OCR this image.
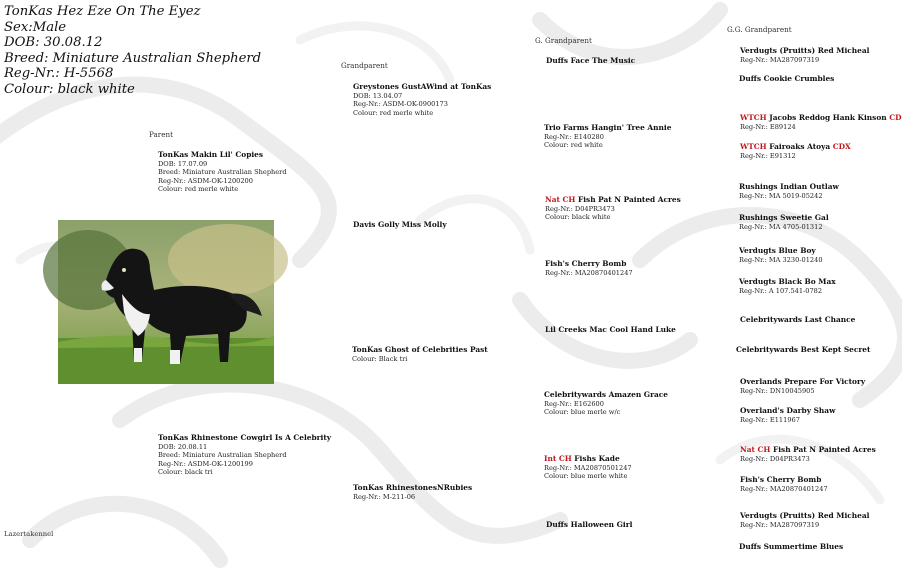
TonKas Hez Eze On The Eyez
Sex:Male
DOB: 30.08.12
Breed: Miniature Australian Shepherd
Reg-Nr.: H-5568
Colour: black white
Parent
Grandparent
G. Grandparent
G.G. Grandparent
TonKas Makin Lil' Copies
DOB: 17.07.09
Breed: Miniature Australian Shepherd
Reg-Nr.: ASDM-OK-1200200
Colour: red merle white
TonKas Rhinestone Cowgirl Is A Celebrity
DOB: 20.08.11
Breed: Miniature Australian Shepherd
Reg-Nr.: ASDM-OK-1200199
Colour: black tri
Greystones GustAWind at TonKas
DOB: 13.04.07
Reg-Nr.: ASDM-OK-0900173
Colour: red merle white
Davis Golly Miss Molly
TonKas Ghost of Celebrities Past
Colour: Black tri
TonKas RhinestonesNRubies
Reg-Nr.: M-211-06
Duffs Face The Music
Trio Farms Hangin' Tree Annie
Reg-Nr.: E140280
Colour: red white
Nat CH Fish Pat N Painted Acres
Reg-Nr.: D04PR3473
Colour: black white
Fish's Cherry Bomb
Reg-Nr.: MA20870401247
Lil Creeks Mac Cool Hand Luke
Celebritywards Amazen Grace
Reg-Nr.: E162600
Colour: blue merle w/c
Int CH Fishs Kade
Reg-Nr.: MA20870501247
Colour: blue merle white
Duffs Halloween Girl
Verdugts (Pruitts) Red Micheal
Reg-Nr.: MA287097319
Duffs Cookie Crumbles
WTCH Jacobs Reddog Hank Kinson CD
Reg-Nr.: E89124
WTCH Fairoaks Atoya CDX
Reg-Nr.: E91312
Rushings Indian Outlaw
Reg-Nr.: MA 5019-05242
Rushings Sweetie Gal
Reg-Nr.: MA 4705-01312
Verdugts Blue Boy
Reg-Nr.: MA 3230-01240
Verdugts Black Bo Max
Reg-Nr.: A 107.541-0782
Celebritywards Last Chance
Celebritywards Best Kept Secret
Overlands Prepare For Victory
Reg-Nr.: DN10045905
Overland's Darby Shaw
Reg-Nr.: E111967
Nat CH Fish Pat N Painted Acres
Reg-Nr.: D04PR3473
Fish's Cherry Bomb
Reg-Nr.: MA20870401247
Verdugts (Pruitts) Red Micheal
Reg-Nr.: MA287097319
Duffs Summertime Blues
Lazertakennel
